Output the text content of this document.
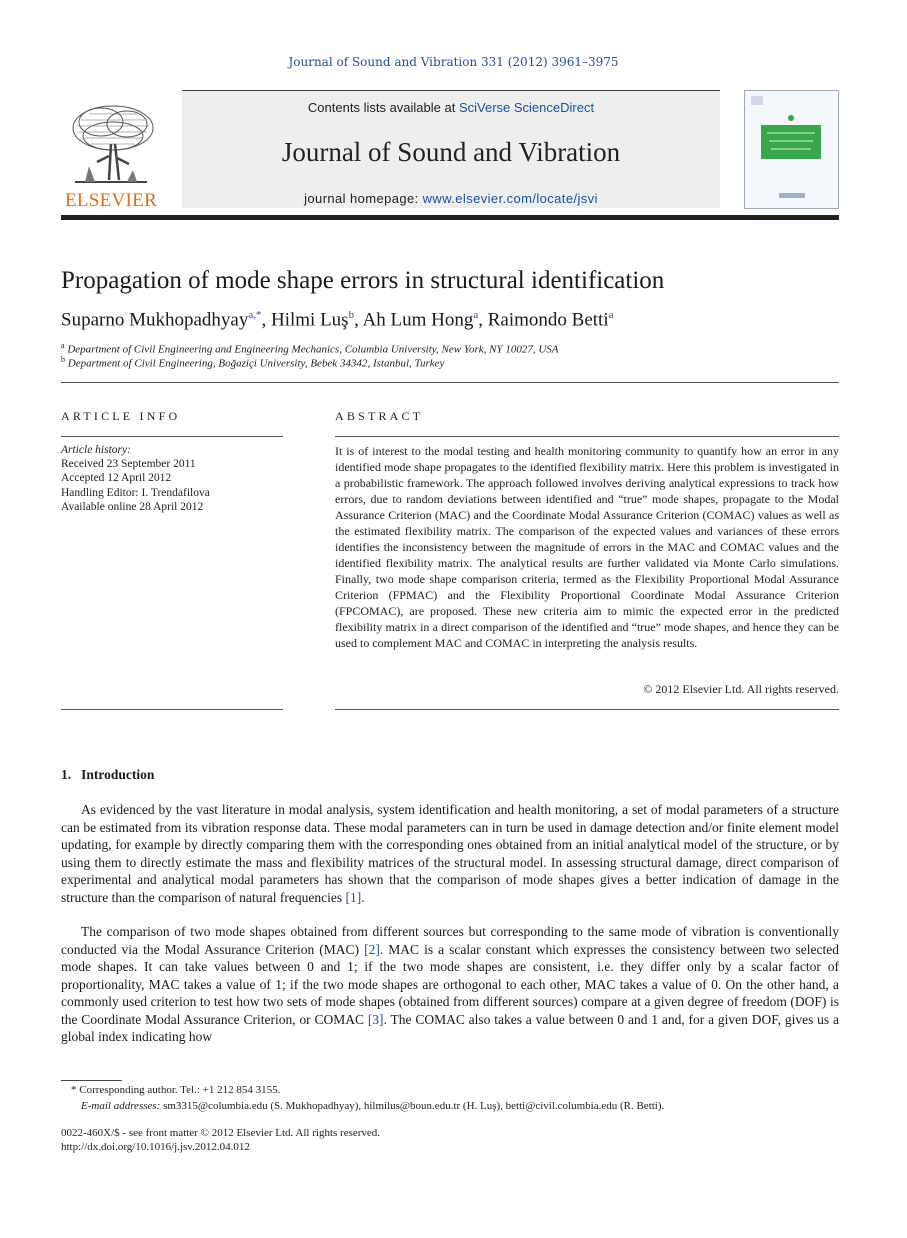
Journal of Sound and Vibration 331 (2012) 3961–3975
ELSEVIER
Contents lists available at SciVerse ScienceDirect
Journal of Sound and Vibration
journal homepage: www.elsevier.com/locate/jsvi
Propagation of mode shape errors in structural identification
Suparno Mukhopadhyay$^{a,*}$, Hilmi Luş$^b$, Ah Lum Hong$^a$, Raimondo Betti$^a$
$^a$ Department of Civil Engineering and Engineering Mechanics, Columbia University, New York, NY 10027, USA
$^b$ Department of Civil Engineering, Boğaziçi University, Bebek 34342, Istanbul, Turkey
ARTICLE INFO	ABSTRACT
Article history:
Received 23 September 2011
Accepted 12 April 2012
Handling Editor: I. Trendafilova
Available online 28 April 2012
It is of interest to the modal testing and health monitoring community to quantify how an error in any identified mode shape propagates to the identified flexibility matrix. Here this problem is investigated in a probabilistic framework. The approach followed involves deriving analytical expressions to track how errors, due to random deviations between identified and “true” mode shapes, propagate to the Modal Assurance Criterion (MAC) and the Coordinate Modal Assurance Criterion (COMAC) values as well as the estimated flexibility matrix. The comparison of the expected values and variances of these errors identifies the inconsistency between the magnitude of errors in the MAC and COMAC values and the identified flexibility matrix. The analytical results are further validated via Monte Carlo simulations. Finally, two mode shape comparison criteria, termed as the Flexibility Proportional Modal Assurance Criterion (FPMAC) and the Flexibility Proportional Coordinate Modal Assurance Criterion (FPCOMAC), are proposed. These new criteria aim to mimic the expected error in the predicted flexibility matrix in a direct comparison of the identified and “true” mode shapes, and hence they can be used to complement MAC and COMAC in interpreting the analysis results.
© 2012 Elsevier Ltd. All rights reserved.
1. Introduction
As evidenced by the vast literature in modal analysis, system identification and health monitoring, a set of modal parameters of a structure can be estimated from its vibration response data. These modal parameters can in turn be used in damage detection and/or finite element model updating, for example by directly comparing them with the corresponding ones obtained from an initial analytical model of the structure, or by using them to directly estimate the mass and flexibility matrices of the structural model. In assessing structural damage, direct comparison of experimental and analytical modal parameters has shown that the comparison of mode shapes gives a better indication of damage in the structure than the comparison of natural frequencies [1].
The comparison of two mode shapes obtained from different sources but corresponding to the same mode of vibration is conventionally conducted via the Modal Assurance Criterion (MAC) [2]. MAC is a scalar constant which expresses the consistency between two selected mode shapes. It can take values between 0 and 1; if the two mode shapes are consistent, i.e. they differ only by a scalar factor of proportionality, MAC takes a value of 1; if the two mode shapes are orthogonal to each other, MAC takes a value of 0. On the other hand, a commonly used criterion to test how two sets of mode shapes (obtained from different sources) compare at a given degree of freedom (DOF) is the Coordinate Modal Assurance Criterion, or COMAC [3]. The COMAC also takes a value between 0 and 1 and, for a given DOF, gives us a global index indicating how
* Corresponding author. Tel.: +1 212 854 3155.
E-mail addresses: sm3315@columbia.edu (S. Mukhopadhyay), hilmilus@boun.edu.tr (H. Luş), betti@civil.columbia.edu (R. Betti).
0022-460X/$ - see front matter © 2012 Elsevier Ltd. All rights reserved.
http://dx.doi.org/10.1016/j.jsv.2012.04.012
